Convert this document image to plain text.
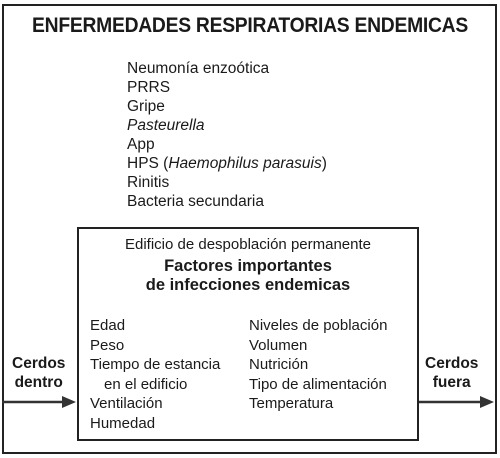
ENFERMEDADES RESPIRATORIAS ENDEMICAS
Neumonía enzoótica
PRRS
Gripe
Pasteurella
App
HPS (Haemophilus parasuis)
Rinitis
Bacteria secundaria
Edificio de despoblación permanente
Factores importantes
de infecciones endemicas
Edad
Peso
Tiempo de estancia
en el edificio
Ventilación
Humedad
Niveles de población
Volumen
Nutrición
Tipo de alimentación
Temperatura
Cerdos
dentro
Cerdos
fuera
